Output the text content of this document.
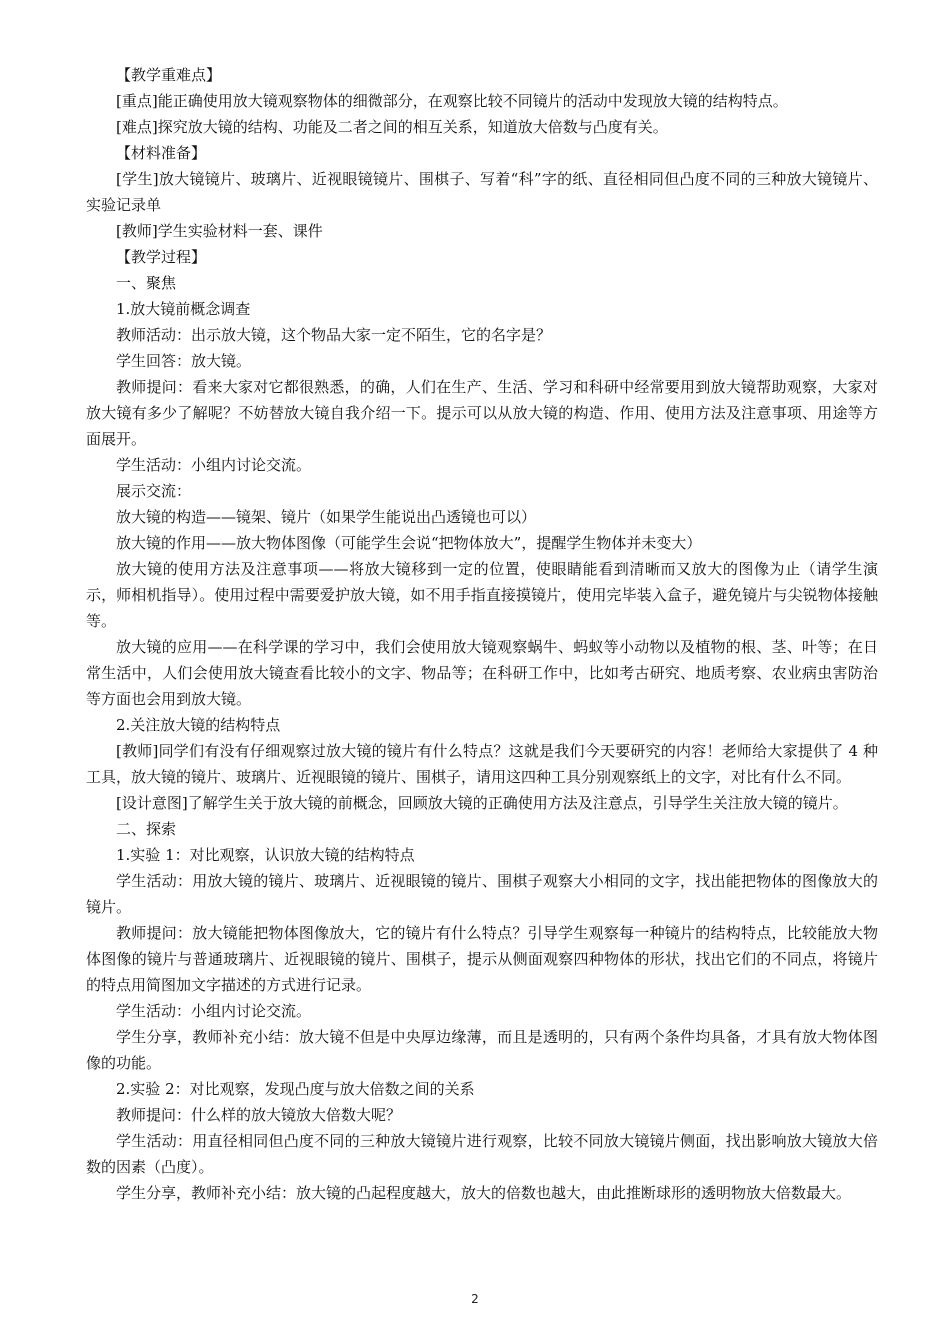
【教学重难点】

[重点]能正确使用放大镜观察物体的细微部分，在观察比较不同镜片的活动中发现放大镜的结构特点。

[难点]探究放大镜的结构、功能及二者之间的相互关系，知道放大倍数与凸度有关。

【材料准备】

[学生]放大镜镜片、玻璃片、近视眼镜镜片、围棋子、写着“科”字的纸、直径相同但凸度不同的三种放大镜镜片、实验记录单

[教师]学生实验材料一套、课件

【教学过程】

一、聚焦

1.放大镜前概念调查

教师活动：出示放大镜，这个物品大家一定不陌生，它的名字是？

学生回答：放大镜。

教师提问：看来大家对它都很熟悉，的确，人们在生产、生活、学习和科研中经常要用到放大镜帮助观察，大家对放大镜有多少了解呢？不妨替放大镜自我介绍一下。提示可以从放大镜的构造、作用、使用方法及注意事项、用途等方面展开。

学生活动：小组内讨论交流。

展示交流：

放大镜的构造——镜架、镜片（如果学生能说出凸透镜也可以）

放大镜的作用——放大物体图像（可能学生会说“把物体放大”，提醒学生物体并未变大）

放大镜的使用方法及注意事项——将放大镜移到一定的位置，使眼睛能看到清晰而又放大的图像为止（请学生演示，师相机指导）。使用过程中需要爱护放大镜，如不用手指直接摸镜片，使用完毕装入盒子，避免镜片与尖锐物体接触等。

放大镜的应用——在科学课的学习中，我们会使用放大镜观察蜗牛、蚂蚁等小动物以及植物的根、茎、叶等；在日常生活中，人们会使用放大镜查看比较小的文字、物品等；在科研工作中，比如考古研究、地质考察、农业病虫害防治等方面也会用到放大镜。

2.关注放大镜的结构特点

[教师]同学们有没有仔细观察过放大镜的镜片有什么特点？这就是我们今天要研究的内容！老师给大家提供了 4 种工具，放大镜的镜片、玻璃片、近视眼镜的镜片、围棋子，请用这四种工具分别观察纸上的文字，对比有什么不同。

[设计意图]了解学生关于放大镜的前概念，回顾放大镜的正确使用方法及注意点，引导学生关注放大镜的镜片。

二、探索

1.实验 1：对比观察，认识放大镜的结构特点

学生活动：用放大镜的镜片、玻璃片、近视眼镜的镜片、围棋子观察大小相同的文字，找出能把物体的图像放大的镜片。

教师提问：放大镜能把物体图像放大，它的镜片有什么特点？引导学生观察每一种镜片的结构特点，比较能放大物体图像的镜片与普通玻璃片、近视眼镜的镜片、围棋子，提示从侧面观察四种物体的形状，找出它们的不同点，将镜片的特点用简图加文字描述的方式进行记录。

学生活动：小组内讨论交流。

学生分享，教师补充小结：放大镜不但是中央厚边缘薄，而且是透明的，只有两个条件均具备，才具有放大物体图像的功能。

2.实验 2：对比观察，发现凸度与放大倍数之间的关系

教师提问：什么样的放大镜放大倍数大呢？

学生活动：用直径相同但凸度不同的三种放大镜镜片进行观察，比较不同放大镜镜片侧面，找出影响放大镜放大倍数的因素（凸度）。

学生分享，教师补充小结：放大镜的凸起程度越大，放大的倍数也越大，由此推断球形的透明物放大倍数最大。

2
